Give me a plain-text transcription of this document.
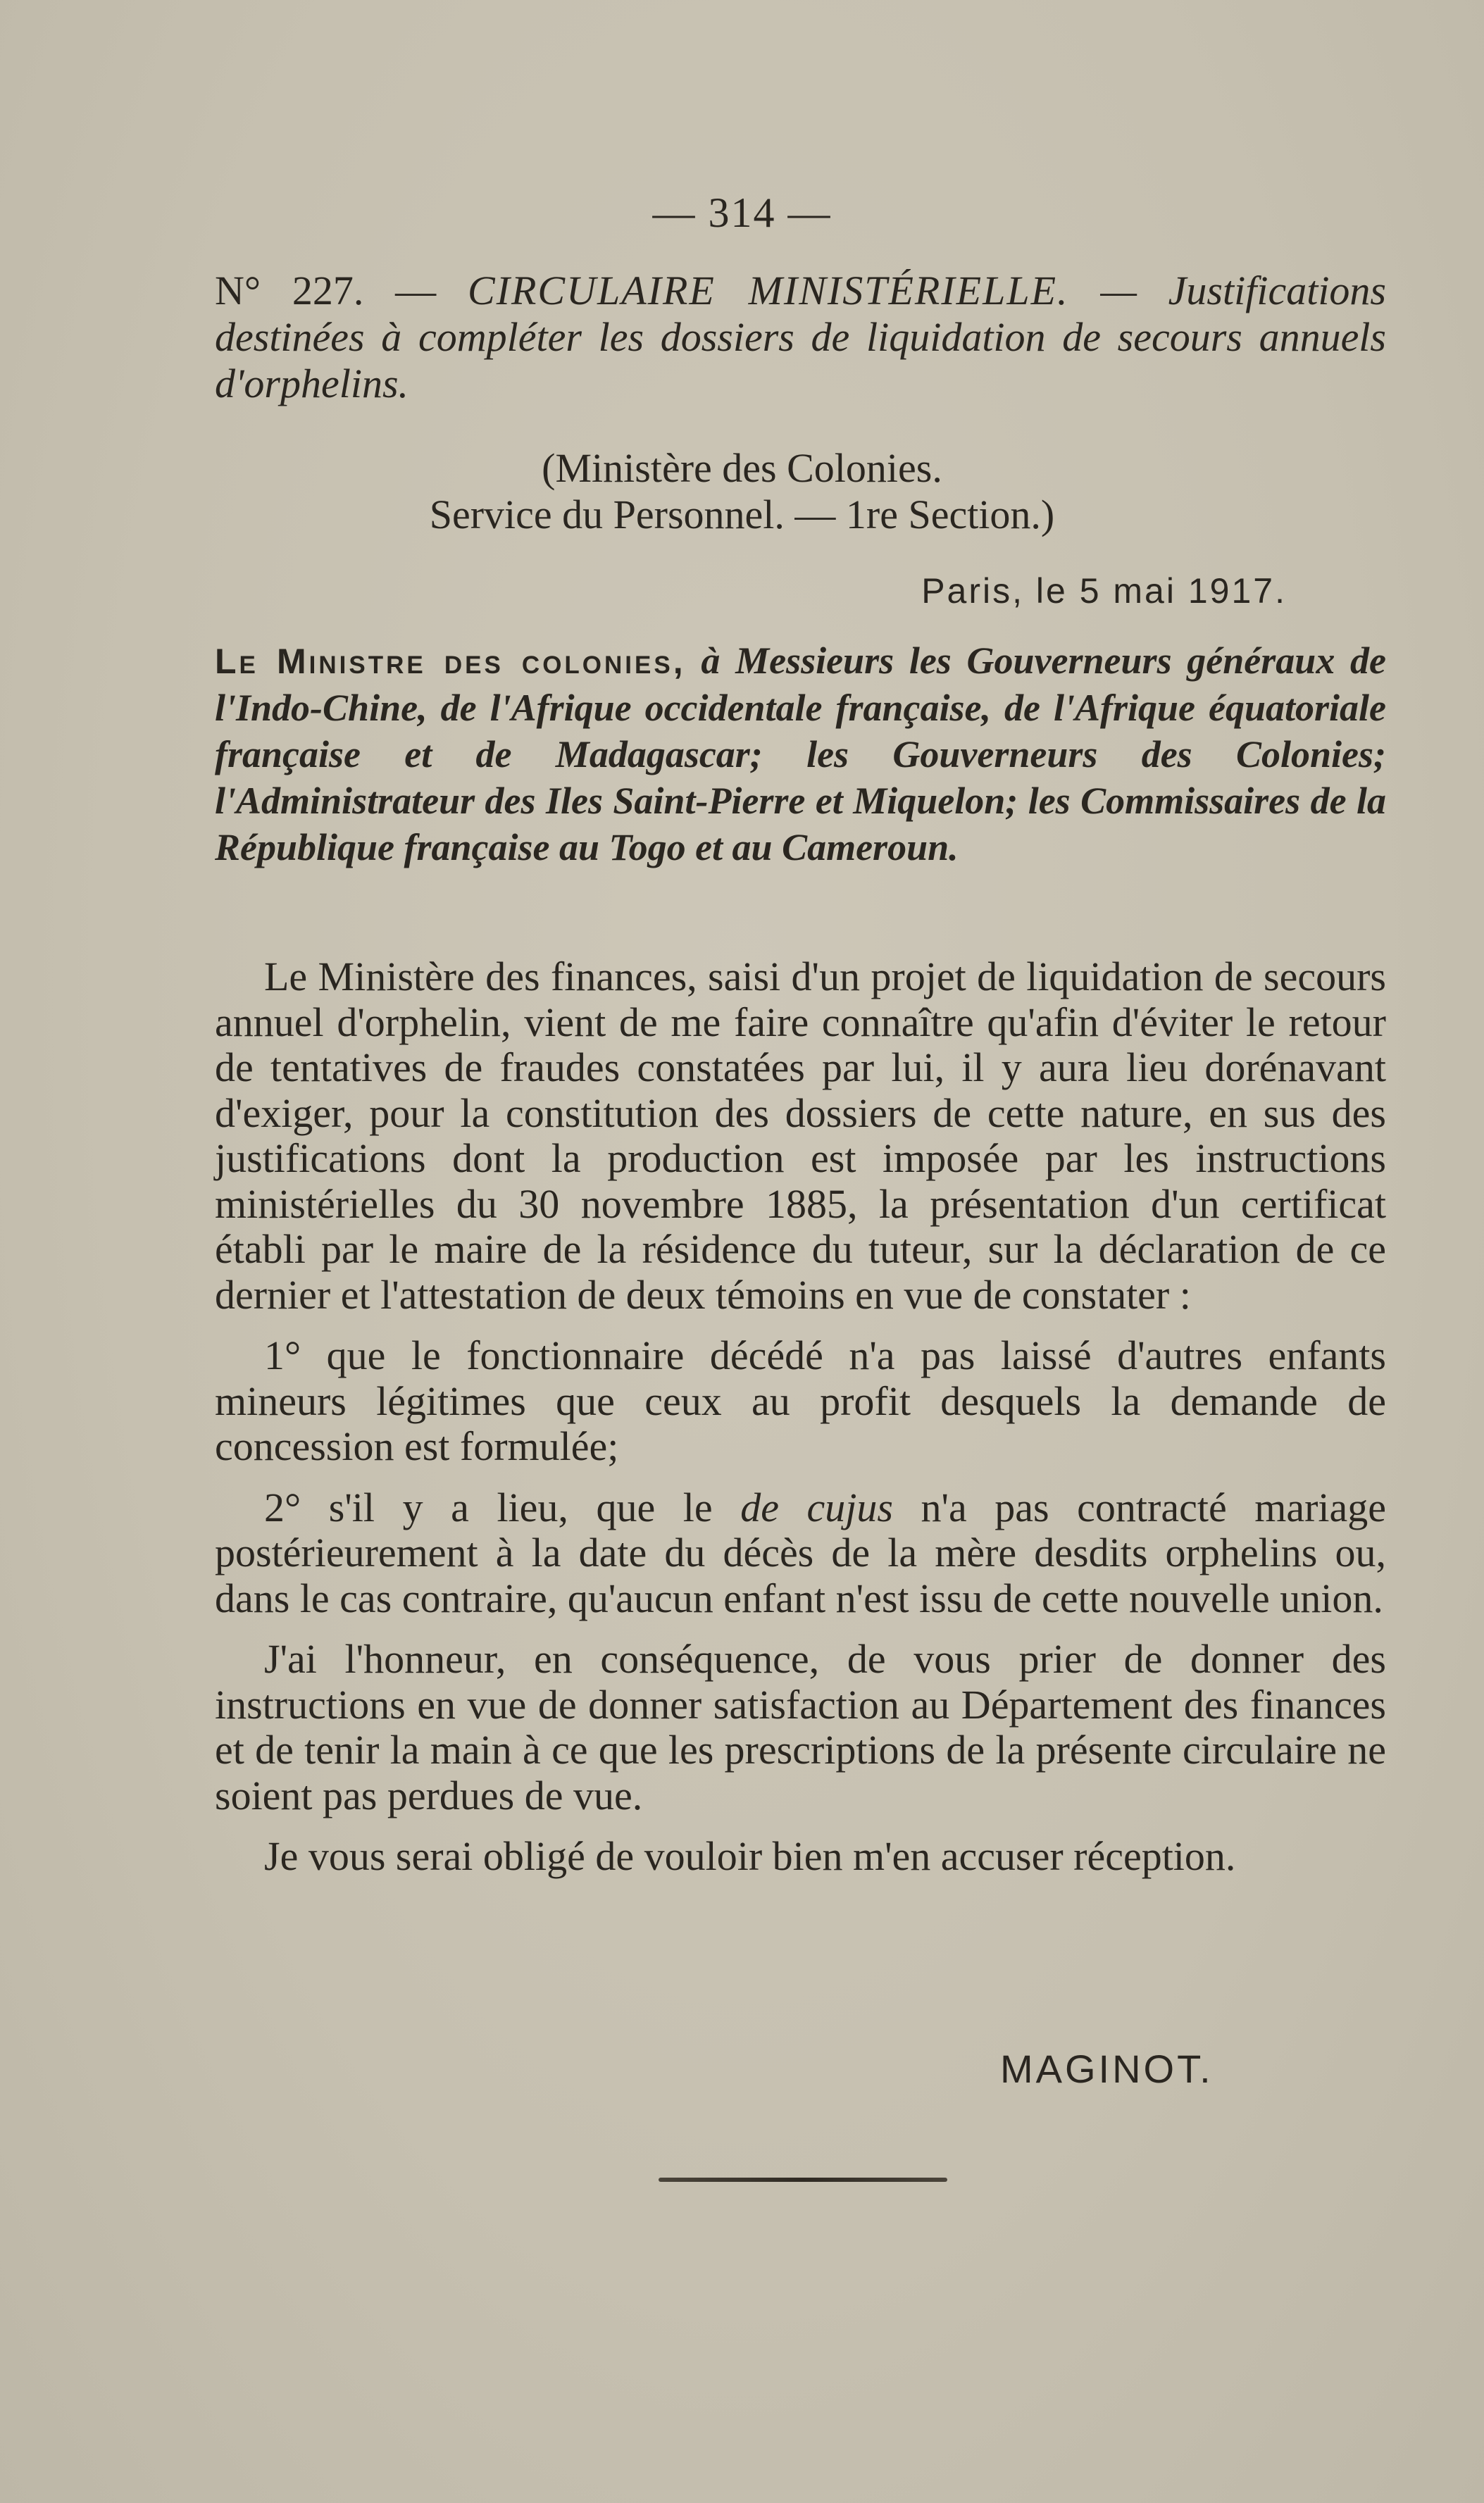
— 314 —
N° 227. — CIRCULAIRE MINISTÉRIELLE. — Justifications destinées à compléter les dossiers de liquidation de secours annuels d'orphelins.
(Ministère des Colonies.
Service du Personnel. — 1re Section.)
Paris, le 5 mai 1917.
Le Ministre des colonies, à Messieurs les Gouverneurs généraux de l'Indo-Chine, de l'Afrique occidentale française, de l'Afrique équatoriale française et de Madagascar; les Gouverneurs des Colonies; l'Administrateur des Iles Saint-Pierre et Miquelon; les Commissaires de la République française au Togo et au Cameroun.

Le Ministère des finances, saisi d'un projet de liquidation de secours annuel d'orphelin, vient de me faire connaître qu'afin d'éviter le retour de tentatives de fraudes constatées par lui, il y aura lieu dorénavant d'exiger, pour la constitution des dossiers de cette nature, en sus des justifications dont la production est imposée par les instructions ministérielles du 30 novembre 1885, la présentation d'un certificat établi par le maire de la résidence du tuteur, sur la déclaration de ce dernier et l'attestation de deux témoins en vue de constater :

1° que le fonctionnaire décédé n'a pas laissé d'autres enfants mineurs légitimes que ceux au profit desquels la demande de concession est formulée;

2° s'il y a lieu, que le de cujus n'a pas contracté mariage postérieurement à la date du décès de la mère desdits orphelins ou, dans le cas contraire, qu'aucun enfant n'est issu de cette nouvelle union.

J'ai l'honneur, en conséquence, de vous prier de donner des instructions en vue de donner satisfaction au Département des finances et de tenir la main à ce que les prescriptions de la présente circulaire ne soient pas perdues de vue.

Je vous serai obligé de vouloir bien m'en accuser réception.

MAGINOT.
